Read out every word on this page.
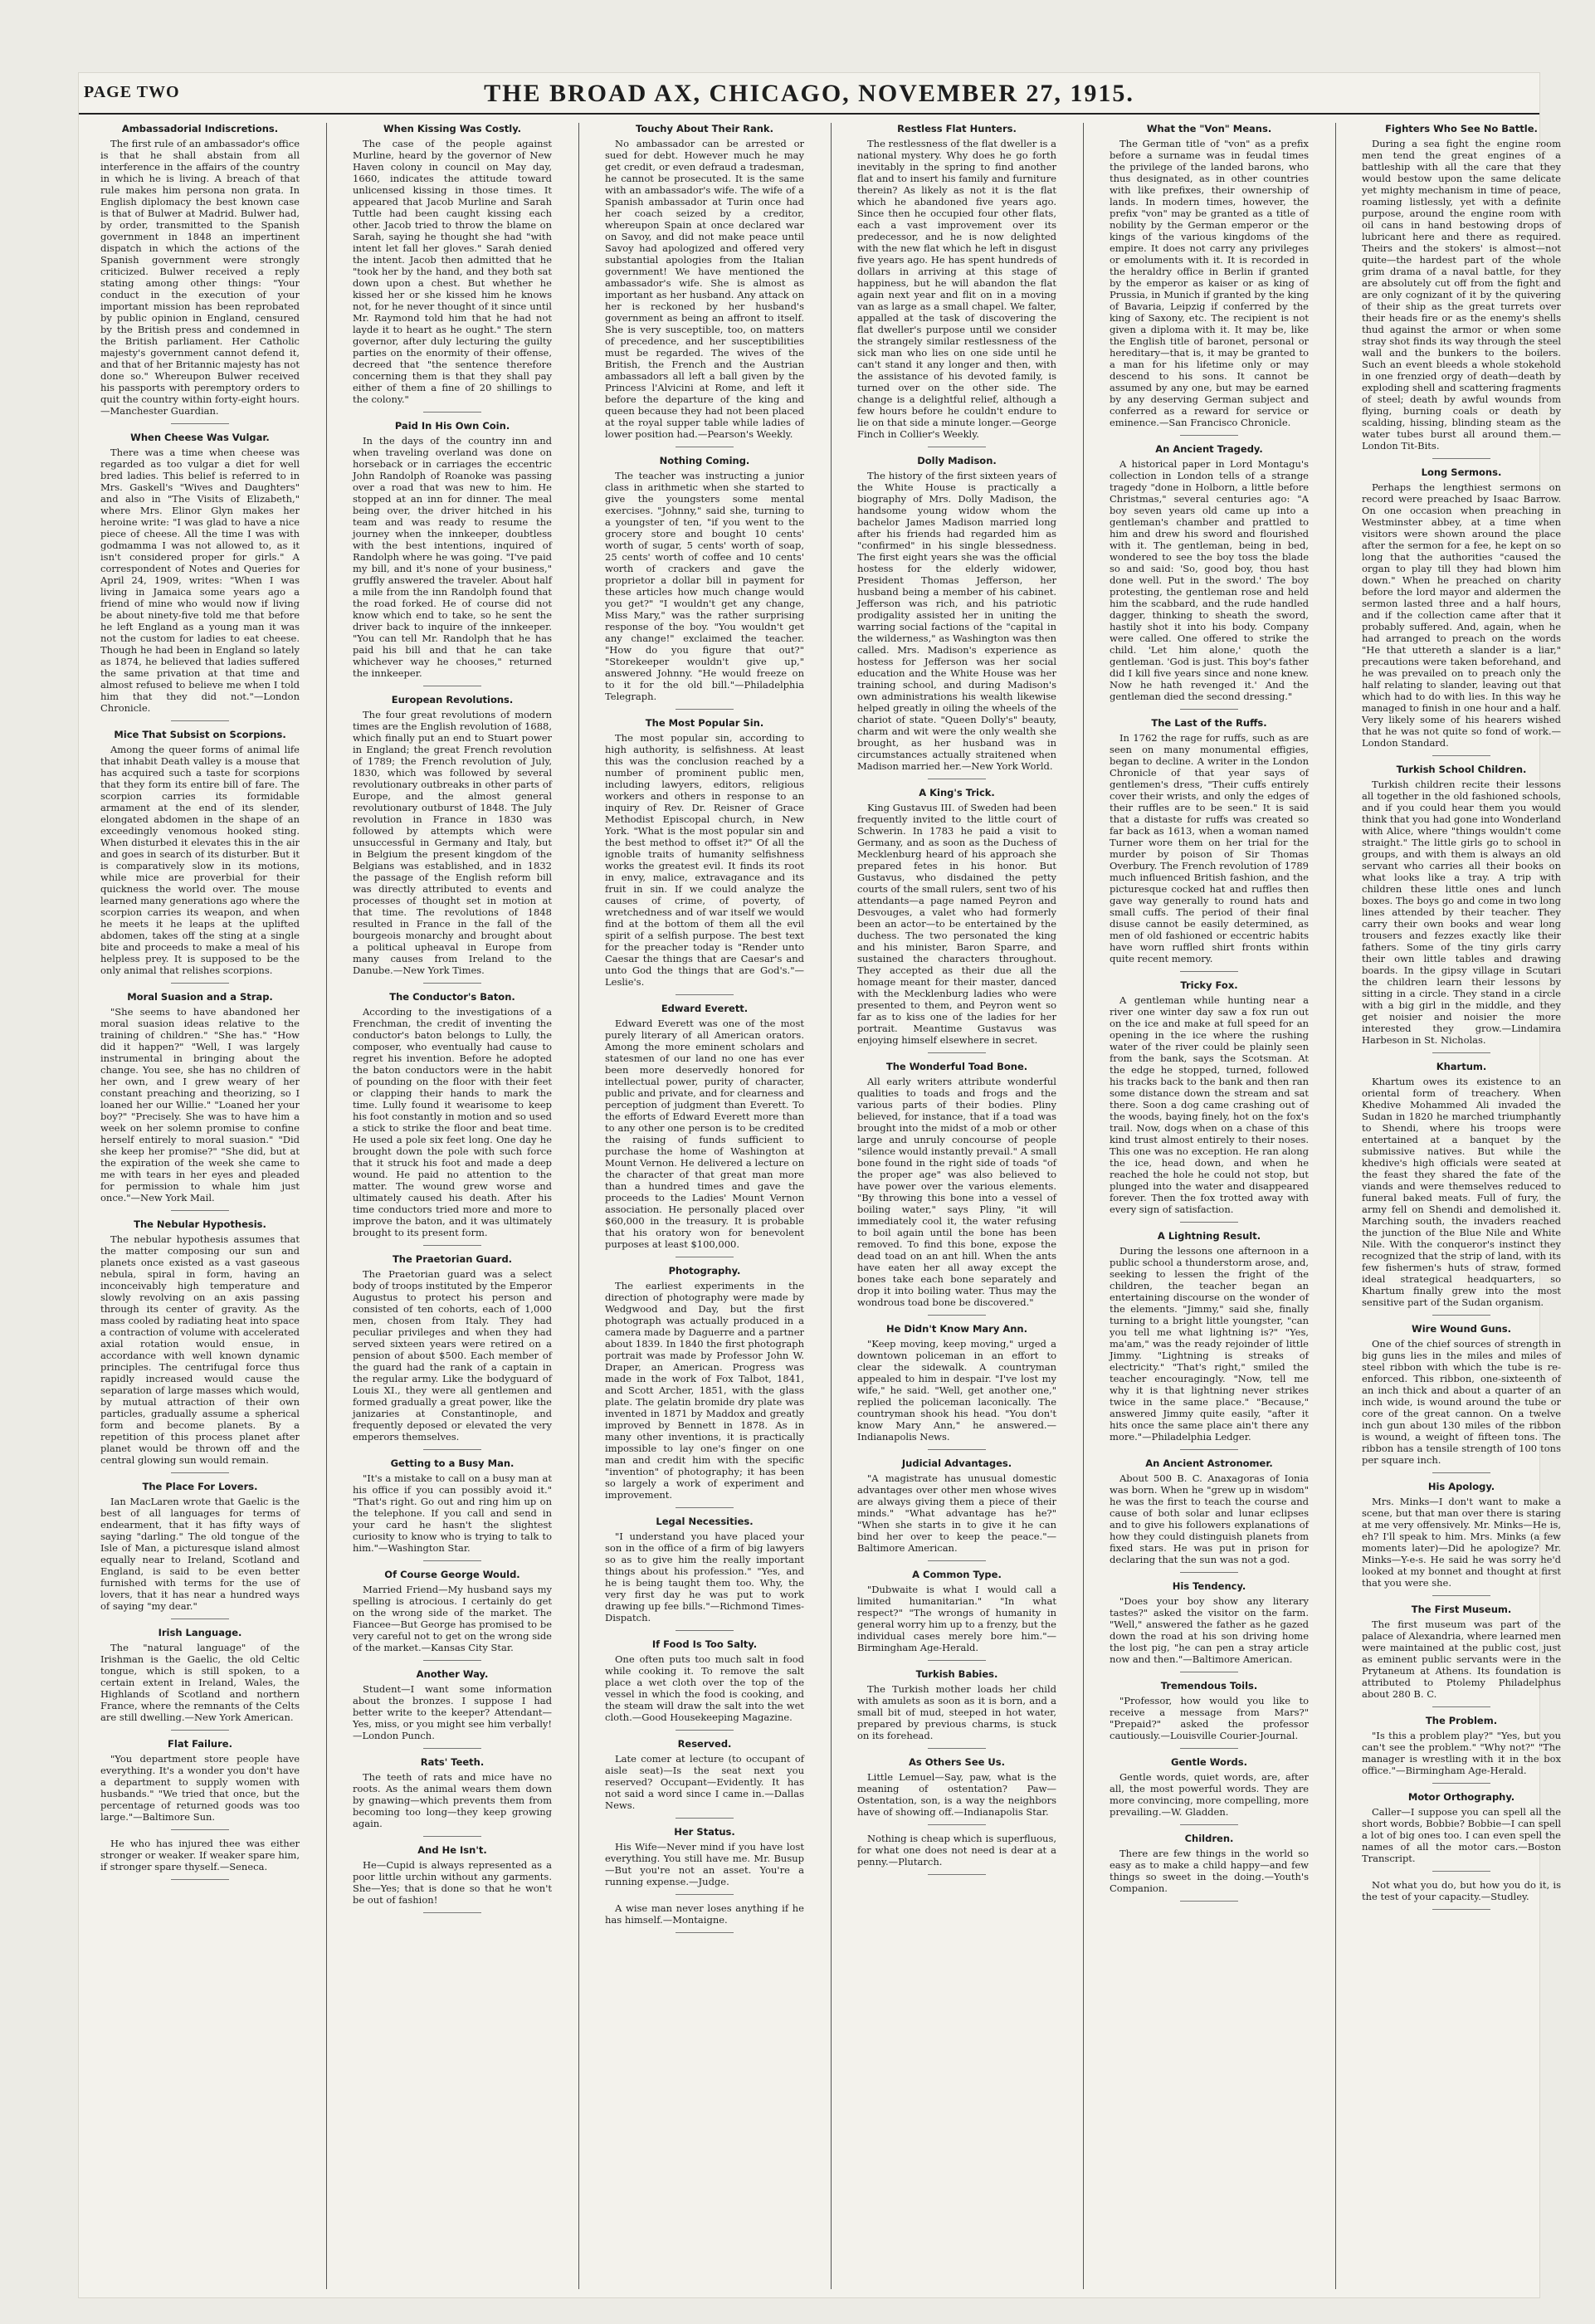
PAGE TWO	THE BROAD AX, CHICAGO, NOVEMBER 27, 1915.
Ambassadorial Indiscretions.

The first rule of an ambassador's office is that he shall abstain from all interference in the affairs of the country in which he is living. A breach of that rule makes him persona non grata. In English diplomacy the best known case is that of Bulwer at Madrid. Bulwer had, by order, transmitted to the Spanish government in 1848 an impertinent dispatch in which the actions of the Spanish government were strongly criticized. Bulwer received a reply stating among other things: "Your conduct in the execution of your important mission has been reprobated by public opinion in England, censured by the British press and condemned in the British parliament. Her Catholic majesty's government cannot defend it, and that of her Britannic majesty has not done so." Whereupon Bulwer received his passports with peremptory orders to quit the country within forty-eight hours.—Manchester Guardian.

When Cheese Was Vulgar.

There was a time when cheese was regarded as too vulgar a diet for well bred ladies. This belief is referred to in Mrs. Gaskell's "Wives and Daughters" and also in "The Visits of Elizabeth," where Mrs. Elinor Glyn makes her heroine write: "I was glad to have a nice piece of cheese. All the time I was with godmamma I was not allowed to, as it isn't considered proper for girls." A correspondent of Notes and Queries for April 24, 1909, writes: "When I was living in Jamaica some years ago a friend of mine who would now if living be about ninety-five told me that before he left England as a young man it was not the custom for ladies to eat cheese. Though he had been in England so lately as 1874, he believed that ladies suffered the same privation at that time and almost refused to believe me when I told him that they did not."—London Chronicle.

Mice That Subsist on Scorpions.

Among the queer forms of animal life that inhabit Death valley is a mouse that has acquired such a taste for scorpions that they form its entire bill of fare. The scorpion carries its formidable armament at the end of its slender, elongated abdomen in the shape of an exceedingly venomous hooked sting. When disturbed it elevates this in the air and goes in search of its disturber. But it is comparatively slow in its motions, while mice are proverbial for their quickness the world over. The mouse learned many generations ago where the scorpion carries its weapon, and when he meets it he leaps at the uplifted abdomen, takes off the sting at a single bite and proceeds to make a meal of his helpless prey. It is supposed to be the only animal that relishes scorpions.

Moral Suasion and a Strap.

"She seems to have abandoned her moral suasion ideas relative to the training of children." "She has." "How did it happen?" "Well, I was largely instrumental in bringing about the change. You see, she has no children of her own, and I grew weary of her constant preaching and theorizing, so I loaned her our Willie." "Loaned her your boy?" "Precisely. She was to have him a week on her solemn promise to confine herself entirely to moral suasion." "Did she keep her promise?" "She did, but at the expiration of the week she came to me with tears in her eyes and pleaded for permission to whale him just once."—New York Mail.

The Nebular Hypothesis.

The nebular hypothesis assumes that the matter composing our sun and planets once existed as a vast gaseous nebula, spiral in form, having an inconceivably high temperature and slowly revolving on an axis passing through its center of gravity. As the mass cooled by radiating heat into space a contraction of volume with accelerated axial rotation would ensue, in accordance with well known dynamic principles. The centrifugal force thus rapidly increased would cause the separation of large masses which would, by mutual attraction of their own particles, gradually assume a spherical form and become planets. By a repetition of this process planet after planet would be thrown off and the central glowing sun would remain.

The Place For Lovers.

Ian MacLaren wrote that Gaelic is the best of all languages for terms of endearment, that it has fifty ways of saying "darling." The old tongue of the Isle of Man, a picturesque island almost equally near to Ireland, Scotland and England, is said to be even better furnished with terms for the use of lovers, that it has near a hundred ways of saying "my dear."

Irish Language.

The "natural language" of the Irishman is the Gaelic, the old Celtic tongue, which is still spoken, to a certain extent in Ireland, Wales, the Highlands of Scotland and northern France, where the remnants of the Celts are still dwelling.—New York American.

Flat Failure.

"You department store people have everything. It's a wonder you don't have a department to supply women with husbands." "We tried that once, but the percentage of returned goods was too large."—Baltimore Sun.

He who has injured thee was either stronger or weaker. If weaker spare him, if stronger spare thyself.—Seneca.

When Kissing Was Costly.

The case of the people against Murline, heard by the governor of New Haven colony in council on May day, 1660, indicates the attitude toward unlicensed kissing in those times. It appeared that Jacob Murline and Sarah Tuttle had been caught kissing each other. Jacob tried to throw the blame on Sarah, saying he thought she had "with intent let fall her gloves." Sarah denied the intent. Jacob then admitted that he "took her by the hand, and they both sat down upon a chest. But whether he kissed her or she kissed him he knows not, for he never thought of it since until Mr. Raymond told him that he had not layde it to heart as he ought." The stern governor, after duly lecturing the guilty parties on the enormity of their offense, decreed that "the sentence therefore concerning them is that they shall pay either of them a fine of 20 shillings to the colony."

Paid In His Own Coin.

In the days of the country inn and when traveling overland was done on horseback or in carriages the eccentric John Randolph of Roanoke was passing over a road that was new to him. He stopped at an inn for dinner. The meal being over, the driver hitched in his team and was ready to resume the journey when the innkeeper, doubtless with the best intentions, inquired of Randolph where he was going. "I've paid my bill, and it's none of your business," gruffly answered the traveler. About half a mile from the inn Randolph found that the road forked. He of course did not know which end to take, so he sent the driver back to inquire of the innkeeper. "You can tell Mr. Randolph that he has paid his bill and that he can take whichever way he chooses," returned the innkeeper.

European Revolutions.

The four great revolutions of modern times are the English revolution of 1688, which finally put an end to Stuart power in England; the great French revolution of 1789; the French revolution of July, 1830, which was followed by several revolutionary outbreaks in other parts of Europe, and the almost general revolutionary outburst of 1848. The July revolution in France in 1830 was followed by attempts which were unsuccessful in Germany and Italy, but in Belgium the present kingdom of the Belgians was established, and in 1832 the passage of the English reform bill was directly attributed to events and processes of thought set in motion at that time. The revolutions of 1848 resulted in France in the fall of the bourgeois monarchy and brought about a political upheaval in Europe from many causes from Ireland to the Danube.—New York Times.

The Conductor's Baton.

According to the investigations of a Frenchman, the credit of inventing the conductor's baton belongs to Lully, the composer, who eventually had cause to regret his invention. Before he adopted the baton conductors were in the habit of pounding on the floor with their feet or clapping their hands to mark the time. Lully found it wearisome to keep his foot constantly in motion and so used a stick to strike the floor and beat time. He used a pole six feet long. One day he brought down the pole with such force that it struck his foot and made a deep wound. He paid no attention to the matter. The wound grew worse and ultimately caused his death. After his time conductors tried more and more to improve the baton, and it was ultimately brought to its present form.

The Praetorian Guard.

The Praetorian guard was a select body of troops instituted by the Emperor Augustus to protect his person and consisted of ten cohorts, each of 1,000 men, chosen from Italy. They had peculiar privileges and when they had served sixteen years were retired on a pension of about $500. Each member of the guard had the rank of a captain in the regular army. Like the bodyguard of Louis XI., they were all gentlemen and formed gradually a great power, like the janizaries at Constantinople, and frequently deposed or elevated the very emperors themselves.

Getting to a Busy Man.

"It's a mistake to call on a busy man at his office if you can possibly avoid it." "That's right. Go out and ring him up on the telephone. If you call and send in your card he hasn't the slightest curiosity to know who is trying to talk to him."—Washington Star.

Of Course George Would.

Married Friend—My husband says my spelling is atrocious. I certainly do get on the wrong side of the market. The Fiancee—But George has promised to be very careful not to get on the wrong side of the market.—Kansas City Star.

Another Way.

Student—I want some information about the bronzes. I suppose I had better write to the keeper? Attendant—Yes, miss, or you might see him verbally!—London Punch.

Rats' Teeth.

The teeth of rats and mice have no roots. As the animal wears them down by gnawing—which prevents them from becoming too long—they keep growing again.

And He Isn't.

He—Cupid is always represented as a poor little urchin without any garments. She—Yes; that is done so that he won't be out of fashion!

Touchy About Their Rank.

No ambassador can be arrested or sued for debt. However much he may get credit, or even defraud a tradesman, he cannot be prosecuted. It is the same with an ambassador's wife. The wife of a Spanish ambassador at Turin once had her coach seized by a creditor, whereupon Spain at once declared war on Savoy, and did not make peace until Savoy had apologized and offered very substantial apologies from the Italian government! We have mentioned the ambassador's wife. She is almost as important as her husband. Any attack on her is reckoned by her husband's government as being an affront to itself. She is very susceptible, too, on matters of precedence, and her susceptibilities must be regarded. The wives of the British, the French and the Austrian ambassadors all left a ball given by the Princess l'Alvicini at Rome, and left it before the departure of the king and queen because they had not been placed at the royal supper table while ladies of lower position had.—Pearson's Weekly.

Nothing Coming.

The teacher was instructing a junior class in arithmetic when she started to give the youngsters some mental exercises. "Johnny," said she, turning to a youngster of ten, "if you went to the grocery store and bought 10 cents' worth of sugar, 5 cents' worth of soap, 25 cents' worth of coffee and 10 cents' worth of crackers and gave the proprietor a dollar bill in payment for these articles how much change would you get?" "I wouldn't get any change, Miss Mary," was the rather surprising response of the boy. "You wouldn't get any change!" exclaimed the teacher. "How do you figure that out?" "Storekeeper wouldn't give up," answered Johnny. "He would freeze on to it for the old bill."—Philadelphia Telegraph.

The Most Popular Sin.

The most popular sin, according to high authority, is selfishness. At least this was the conclusion reached by a number of prominent public men, including lawyers, editors, religious workers and others in response to an inquiry of Rev. Dr. Reisner of Grace Methodist Episcopal church, in New York. "What is the most popular sin and the best method to offset it?" Of all the ignoble traits of humanity selfishness works the greatest evil. It finds its root in envy, malice, extravagance and its fruit in sin. If we could analyze the causes of crime, of poverty, of wretchedness and of war itself we would find at the bottom of them all the evil spirit of a selfish purpose. The best text for the preacher today is "Render unto Caesar the things that are Caesar's and unto God the things that are God's."—Leslie's.

Edward Everett.

Edward Everett was one of the most purely literary of all American orators. Among the more eminent scholars and statesmen of our land no one has ever been more deservedly honored for intellectual power, purity of character, public and private, and for clearness and perception of judgment than Everett. To the efforts of Edward Everett more than to any other one person is to be credited the raising of funds sufficient to purchase the home of Washington at Mount Vernon. He delivered a lecture on the character of that great man more than a hundred times and gave the proceeds to the Ladies' Mount Vernon association. He personally placed over $60,000 in the treasury. It is probable that his oratory won for benevolent purposes at least $100,000.

Photography.

The earliest experiments in the direction of photography were made by Wedgwood and Day, but the first photograph was actually produced in a camera made by Daguerre and a partner about 1839. In 1840 the first photograph portrait was made by Professor John W. Draper, an American. Progress was made in the work of Fox Talbot, 1841, and Scott Archer, 1851, with the glass plate. The gelatin bromide dry plate was invented in 1871 by Maddox and greatly improved by Bennett in 1878. As in many other inventions, it is practically impossible to lay one's finger on one man and credit him with the specific "invention" of photography; it has been so largely a work of experiment and improvement.

Legal Necessities.

"I understand you have placed your son in the office of a firm of big lawyers so as to give him the really important things about his profession." "Yes, and he is being taught them too. Why, the very first day he was put to work drawing up fee bills."—Richmond Times-Dispatch.

If Food Is Too Salty.

One often puts too much salt in food while cooking it. To remove the salt place a wet cloth over the top of the vessel in which the food is cooking, and the steam will draw the salt into the wet cloth.—Good Housekeeping Magazine.

Reserved.

Late comer at lecture (to occupant of aisle seat)—Is the seat next you reserved? Occupant—Evidently. It has not said a word since I came in.—Dallas News.

Her Status.

His Wife—Never mind if you have lost everything. You still have me. Mr. Busup—But you're not an asset. You're a running expense.—Judge.

A wise man never loses anything if he has himself.—Montaigne.

Restless Flat Hunters.

The restlessness of the flat dweller is a national mystery. Why does he go forth inevitably in the spring to find another flat and to insert his family and furniture therein? As likely as not it is the flat which he abandoned five years ago. Since then he occupied four other flats, each a vast improvement over its predecessor, and he is now delighted with the new flat which he left in disgust five years ago. He has spent hundreds of dollars in arriving at this stage of happiness, but he will abandon the flat again next year and flit on in a moving van as large as a small chapel. We falter, appalled at the task of discovering the flat dweller's purpose until we consider the strangely similar restlessness of the sick man who lies on one side until he can't stand it any longer and then, with the assistance of his devoted family, is turned over on the other side. The change is a delightful relief, although a few hours before he couldn't endure to lie on that side a minute longer.—George Finch in Collier's Weekly.

Dolly Madison.

The history of the first sixteen years of the White House is practically a biography of Mrs. Dolly Madison, the handsome young widow whom the bachelor James Madison married long after his friends had regarded him as "confirmed" in his single blessedness. The first eight years she was the official hostess for the elderly widower, President Thomas Jefferson, her husband being a member of his cabinet. Jefferson was rich, and his patriotic prodigality assisted her in uniting the warring social factions of the "capital in the wilderness," as Washington was then called. Mrs. Madison's experience as hostess for Jefferson was her social education and the White House was her training school, and during Madison's own administrations his wealth likewise helped greatly in oiling the wheels of the chariot of state. "Queen Dolly's" beauty, charm and wit were the only wealth she brought, as her husband was in circumstances actually straitened when Madison married her.—New York World.

A King's Trick.

King Gustavus III. of Sweden had been frequently invited to the little court of Schwerin. In 1783 he paid a visit to Germany, and as soon as the Duchess of Mecklenburg heard of his approach she prepared fetes in his honor. But Gustavus, who disdained the petty courts of the small rulers, sent two of his attendants—a page named Peyron and Desvouges, a valet who had formerly been an actor—to be entertained by the duchess. The two personated the king and his minister, Baron Sparre, and sustained the characters throughout. They accepted as their due all the homage meant for their master, danced with the Mecklenburg ladies who were presented to them, and Peyron went so far as to kiss one of the ladies for her portrait. Meantime Gustavus was enjoying himself elsewhere in secret.

The Wonderful Toad Bone.

All early writers attribute wonderful qualities to toads and frogs and the various parts of their bodies. Pliny believed, for instance, that if a toad was brought into the midst of a mob or other large and unruly concourse of people "silence would instantly prevail." A small bone found in the right side of toads "of the proper age" was also believed to have power over the various elements. "By throwing this bone into a vessel of boiling water," says Pliny, "it will immediately cool it, the water refusing to boil again until the bone has been removed. To find this bone, expose the dead toad on an ant hill. When the ants have eaten her all away except the bones take each bone separately and drop it into boiling water. Thus may the wondrous toad bone be discovered."

He Didn't Know Mary Ann.

"Keep moving, keep moving," urged a downtown policeman in an effort to clear the sidewalk. A countryman appealed to him in despair. "I've lost my wife," he said. "Well, get another one," replied the policeman laconically. The countryman shook his head. "You don't know Mary Ann," he answered.—Indianapolis News.

Judicial Advantages.

"A magistrate has unusual domestic advantages over other men whose wives are always giving them a piece of their minds." "What advantage has he?" "When she starts in to give it he can bind her over to keep the peace."—Baltimore American.

A Common Type.

"Dubwaite is what I would call a limited humanitarian." "In what respect?" "The wrongs of humanity in general worry him up to a frenzy, but the individual cases merely bore him."—Birmingham Age-Herald.

Turkish Babies.

The Turkish mother loads her child with amulets as soon as it is born, and a small bit of mud, steeped in hot water, prepared by previous charms, is stuck on its forehead.

As Others See Us.

Little Lemuel—Say, paw, what is the meaning of ostentation? Paw—Ostentation, son, is a way the neighbors have of showing off.—Indianapolis Star.

Nothing is cheap which is superfluous, for what one does not need is dear at a penny.—Plutarch.

What the "Von" Means.

The German title of "von" as a prefix before a surname was in feudal times the privilege of the landed barons, who thus designated, as in other countries with like prefixes, their ownership of lands. In modern times, however, the prefix "von" may be granted as a title of nobility by the German emperor or the kings of the various kingdoms of the empire. It does not carry any privileges or emoluments with it. It is recorded in the heraldry office in Berlin if granted by the emperor as kaiser or as king of Prussia, in Munich if granted by the king of Bavaria, Leipzig if conferred by the king of Saxony, etc. The recipient is not given a diploma with it. It may be, like the English title of baronet, personal or hereditary—that is, it may be granted to a man for his lifetime only or may descend to his sons. It cannot be assumed by any one, but may be earned by any deserving German subject and conferred as a reward for service or eminence.—San Francisco Chronicle.

An Ancient Tragedy.

A historical paper in Lord Montagu's collection in London tells of a strange tragedy "done in Holborn, a little before Christmas," several centuries ago: "A boy seven years old came up into a gentleman's chamber and prattled to him and drew his sword and flourished with it. The gentleman, being in bed, wondered to see the boy toss the blade so and said: 'So, good boy, thou hast done well. Put in the sword.' The boy protesting, the gentleman rose and held him the scabbard, and the rude handled dagger, thinking to sheath the sword, hastily shot it into his body. Company were called. One offered to strike the child. 'Let him alone,' quoth the gentleman. 'God is just. This boy's father did I kill five years since and none knew. Now he hath revenged it.' And the gentleman died the second dressing."

The Last of the Ruffs.

In 1762 the rage for ruffs, such as are seen on many monumental effigies, began to decline. A writer in the London Chronicle of that year says of gentlemen's dress, "Their cuffs entirely cover their wrists, and only the edges of their ruffles are to be seen." It is said that a distaste for ruffs was created so far back as 1613, when a woman named Turner wore them on her trial for the murder by poison of Sir Thomas Overbury. The French revolution of 1789 much influenced British fashion, and the picturesque cocked hat and ruffles then gave way generally to round hats and small cuffs. The period of their final disuse cannot be easily determined, as men of old fashioned or eccentric habits have worn ruffled shirt fronts within quite recent memory.

Tricky Fox.

A gentleman while hunting near a river one winter day saw a fox run out on the ice and make at full speed for an opening in the ice where the rushing water of the river could be plainly seen from the bank, says the Scotsman. At the edge he stopped, turned, followed his tracks back to the bank and then ran some distance down the stream and sat there. Soon a dog came crashing out of the woods, baying finely, hot on the fox's trail. Now, dogs when on a chase of this kind trust almost entirely to their noses. This one was no exception. He ran along the ice, head down, and when he reached the hole he could not stop, but plunged into the water and disappeared forever. Then the fox trotted away with every sign of satisfaction.

A Lightning Result.

During the lessons one afternoon in a public school a thunderstorm arose, and, seeking to lessen the fright of the children, the teacher began an entertaining discourse on the wonder of the elements. "Jimmy," said she, finally turning to a bright little youngster, "can you tell me what lightning is?" "Yes, ma'am," was the ready rejoinder of little Jimmy. "Lightning is streaks of electricity." "That's right," smiled the teacher encouragingly. "Now, tell me why it is that lightning never strikes twice in the same place." "Because," answered Jimmy quite easily, "after it hits once the same place ain't there any more."—Philadelphia Ledger.

An Ancient Astronomer.

About 500 B. C. Anaxagoras of Ionia was born. When he "grew up in wisdom" he was the first to teach the course and cause of both solar and lunar eclipses and to give his followers explanations of how they could distinguish planets from fixed stars. He was put in prison for declaring that the sun was not a god.

His Tendency.

"Does your boy show any literary tastes?" asked the visitor on the farm. "Well," answered the father as he gazed down the road at his son driving home the lost pig, "he can pen a stray article now and then."—Baltimore American.

Tremendous Toils.

"Professor, how would you like to receive a message from Mars?" "Prepaid?" asked the professor cautiously.—Louisville Courier-Journal.

Gentle Words.

Gentle words, quiet words, are, after all, the most powerful words. They are more convincing, more compelling, more prevailing.—W. Gladden.

Children.

There are few things in the world so easy as to make a child happy—and few things so sweet in the doing.—Youth's Companion.

Fighters Who See No Battle.

During a sea fight the engine room men tend the great engines of a battleship with all the care that they would bestow upon the same delicate yet mighty mechanism in time of peace, roaming listlessly, yet with a definite purpose, around the engine room with oil cans in hand bestowing drops of lubricant here and there as required. Theirs and the stokers' is almost—not quite—the hardest part of the whole grim drama of a naval battle, for they are absolutely cut off from the fight and are only cognizant of it by the quivering of their ship as the great turrets over their heads fire or as the enemy's shells thud against the armor or when some stray shot finds its way through the steel wall and the bunkers to the boilers. Such an event bleeds a whole stokehold in one frenzied orgy of death—death by exploding shell and scattering fragments of steel; death by awful wounds from flying, burning coals or death by scalding, hissing, blinding steam as the water tubes burst all around them.—London Tit-Bits.

Long Sermons.

Perhaps the lengthiest sermons on record were preached by Isaac Barrow. On one occasion when preaching in Westminster abbey, at a time when visitors were shown around the place after the sermon for a fee, he kept on so long that the authorities "caused the organ to play till they had blown him down." When he preached on charity before the lord mayor and aldermen the sermon lasted three and a half hours, and if the collection came after that it probably suffered. And, again, when he had arranged to preach on the words "He that uttereth a slander is a liar," precautions were taken beforehand, and he was prevailed on to preach only the half relating to slander, leaving out that which had to do with lies. In this way he managed to finish in one hour and a half. Very likely some of his hearers wished that he was not quite so fond of work.—London Standard.

Turkish School Children.

Turkish children recite their lessons all together in the old fashioned schools, and if you could hear them you would think that you had gone into Wonderland with Alice, where "things wouldn't come straight." The little girls go to school in groups, and with them is always an old servant who carries all their books on what looks like a tray. A trip with children these little ones and lunch boxes. The boys go and come in two long lines attended by their teacher. They carry their own books and wear long trousers and fezzes exactly like their fathers. Some of the tiny girls carry their own little tables and drawing boards. In the gipsy village in Scutari the children learn their lessons by sitting in a circle. They stand in a circle with a big girl in the middle, and they get noisier and noisier the more interested they grow.—Lindamira Harbeson in St. Nicholas.

Khartum.

Khartum owes its existence to an oriental form of treachery. When Khedive Mohammed Ali invaded the Sudan in 1820 he marched triumphantly to Shendi, where his troops were entertained at a banquet by the submissive natives. But while the khedive's high officials were seated at the feast they shared the fate of the viands and were themselves reduced to funeral baked meats. Full of fury, the army fell on Shendi and demolished it. Marching south, the invaders reached the junction of the Blue Nile and White Nile. With the conqueror's instinct they recognized that the strip of land, with its few fishermen's huts of straw, formed ideal strategical headquarters, so Khartum finally grew into the most sensitive part of the Sudan organism.

Wire Wound Guns.

One of the chief sources of strength in big guns lies in the miles and miles of steel ribbon with which the tube is re-enforced. This ribbon, one-sixteenth of an inch thick and about a quarter of an inch wide, is wound around the tube or core of the great cannon. On a twelve inch gun about 130 miles of the ribbon is wound, a weight of fifteen tons. The ribbon has a tensile strength of 100 tons per square inch.

His Apology.

Mrs. Minks—I don't want to make a scene, but that man over there is staring at me very offensively. Mr. Minks—He is, eh? I'll speak to him. Mrs. Minks (a few moments later)—Did he apologize? Mr. Minks—Y-e-s. He said he was sorry he'd looked at my bonnet and thought at first that you were she.

The First Museum.

The first museum was part of the palace of Alexandria, where learned men were maintained at the public cost, just as eminent public servants were in the Prytaneum at Athens. Its foundation is attributed to Ptolemy Philadelphus about 280 B. C.

The Problem.

"Is this a problem play?" "Yes, but you can't see the problem." "Why not?" "The manager is wrestling with it in the box office."—Birmingham Age-Herald.

Motor Orthography.

Caller—I suppose you can spell all the short words, Bobbie? Bobbie—I can spell a lot of big ones too. I can even spell the names of all the motor cars.—Boston Transcript.

Not what you do, but how you do it, is the test of your capacity.—Studley.
